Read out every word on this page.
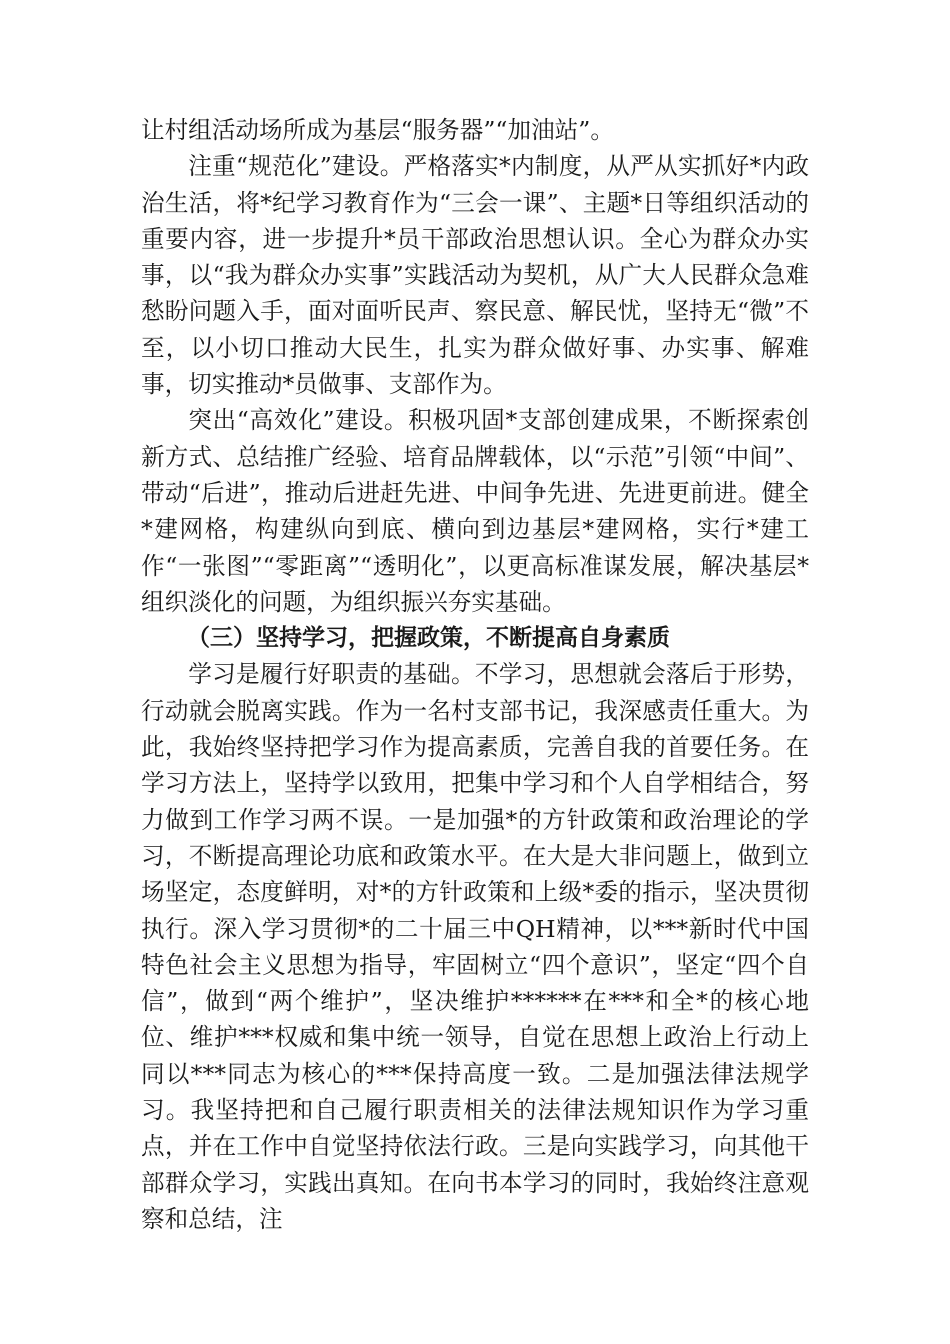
让村组活动场所成为基层“服务器”“加油站”。

注重“规范化”建设。严格落实*内制度，从严从实抓好*内政治生活，将*纪学习教育作为“三会一课”、主题*日等组织活动的重要内容，进一步提升*员干部政治思想认识。全心为群众办实事，以“我为群众办实事”实践活动为契机，从广大人民群众急难愁盼问题入手，面对面听民声、察民意、解民忧，坚持无“微”不至，以小切口推动大民生，扎实为群众做好事、办实事、解难事，切实推动*员做事、支部作为。

突出“高效化”建设。积极巩固*支部创建成果，不断探索创新方式、总结推广经验、培育品牌载体，以“示范”引领“中间”、带动“后进”，推动后进赶先进、中间争先进、先进更前进。健全*建网格，构建纵向到底、横向到边基层*建网格，实行*建工作“一张图”“零距离”“透明化”，以更高标准谋发展，解决基层*组织淡化的问题，为组织振兴夯实基础。

（三）坚持学习，把握政策，不断提高自身素质

学习是履行好职责的基础。不学习，思想就会落后于形势，行动就会脱离实践。作为一名村支部书记，我深感责任重大。为此，我始终坚持把学习作为提高素质，完善自我的首要任务。在学习方法上，坚持学以致用，把集中学习和个人自学相结合，努力做到工作学习两不误。一是加强*的方针政策和政治理论的学习，不断提高理论功底和政策水平。在大是大非问题上，做到立场坚定，态度鲜明，对*的方针政策和上级*委的指示，坚决贯彻执行。深入学习贯彻*的二十届三中QH精神，以***新时代中国特色社会主义思想为指导，牢固树立“四个意识”，坚定“四个自信”，做到“两个维护”，坚决维护******在***和全*的核心地位、维护***权威和集中统一领导，自觉在思想上政治上行动上同以***同志为核心的***保持高度一致。二是加强法律法规学习。我坚持把和自己履行职责相关的法律法规知识作为学习重点，并在工作中自觉坚持依法行政。三是向实践学习，向其他干部群众学习，实践出真知。在向书本学习的同时，我始终注意观察和总结，注
